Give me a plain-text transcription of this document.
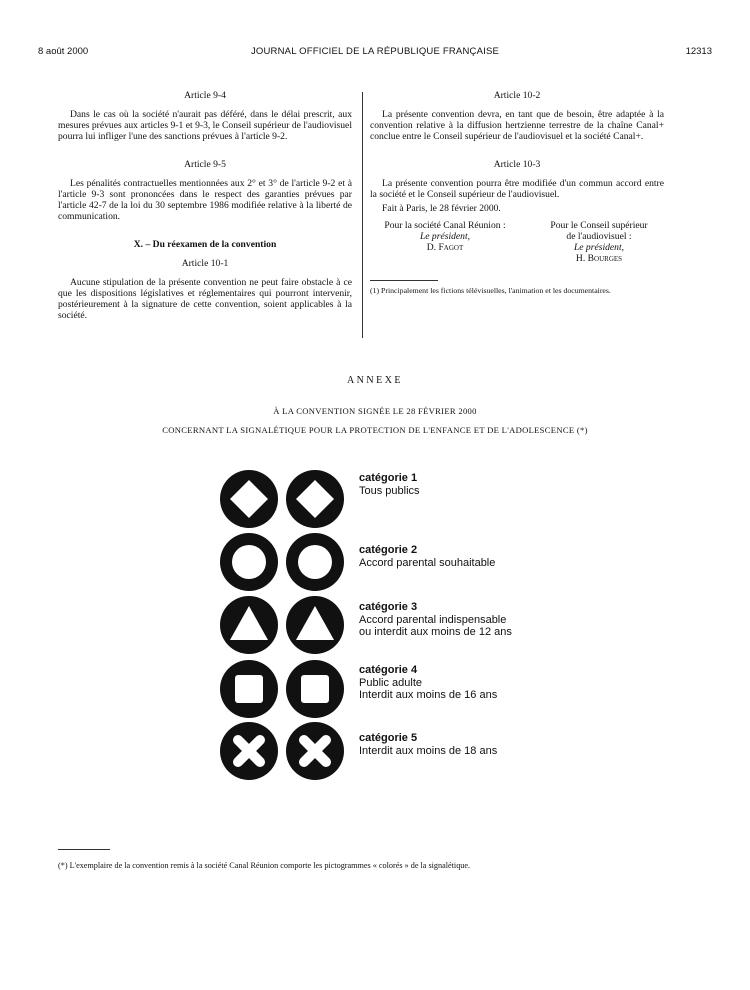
8 août 2000	JOURNAL OFFICIEL DE LA RÉPUBLIQUE FRANÇAISE	12313

Article 9-4

Dans le cas où la société n'aurait pas déféré, dans le délai prescrit, aux mesures prévues aux articles 9-1 et 9-3, le Conseil supérieur de l'audiovisuel pourra lui infliger l'une des sanctions prévues à l'article 9-2.

Article 9-5

Les pénalités contractuelles mentionnées aux 2° et 3° de l'article 9-2 et à l'article 9-3 sont prononcées dans le respect des garanties prévues par l'article 42-7 de la loi du 30 septembre 1986 modifiée relative à la liberté de communication.

X. – Du réexamen de la convention

Article 10-1

Aucune stipulation de la présente convention ne peut faire obstacle à ce que les dispositions législatives et réglementaires qui pourront intervenir, postérieurement à la signature de cette convention, soient applicables à la société.

Article 10-2

La présente convention devra, en tant que de besoin, être adaptée à la convention relative à la diffusion hertzienne terrestre de la chaîne Canal+ conclue entre le Conseil supérieur de l'audiovisuel et la société Canal+.

Article 10-3

La présente convention pourra être modifiée d'un commun accord entre la société et le Conseil supérieur de l'audiovisuel.

Fait à Paris, le 28 février 2000.

Pour la société Canal Réunion :
Le président,
D. Fagot
Pour le Conseil supérieur
de l'audiovisuel :
Le président,
H. Bourges
(1) Principalement les fictions télévisuelles, l'animation et les documentaires.
ANNEXE
À LA CONVENTION SIGNÉE LE 28 FÉVRIER 2000
CONCERNANT LA SIGNALÉTIQUE POUR LA PROTECTION DE L'ENFANCE ET DE L'ADOLESCENCE (*)
catégorie 1
Tous publics
catégorie 2
Accord parental souhaitable
catégorie 3
Accord parental indispensable
ou interdit aux moins de 12 ans
catégorie 4
Public adulte
Interdit aux moins de 16 ans
catégorie 5
Interdit aux moins de 18 ans
(*) L'exemplaire de la convention remis à la société Canal Réunion comporte les pictogrammes « colorés » de la signalétique.
